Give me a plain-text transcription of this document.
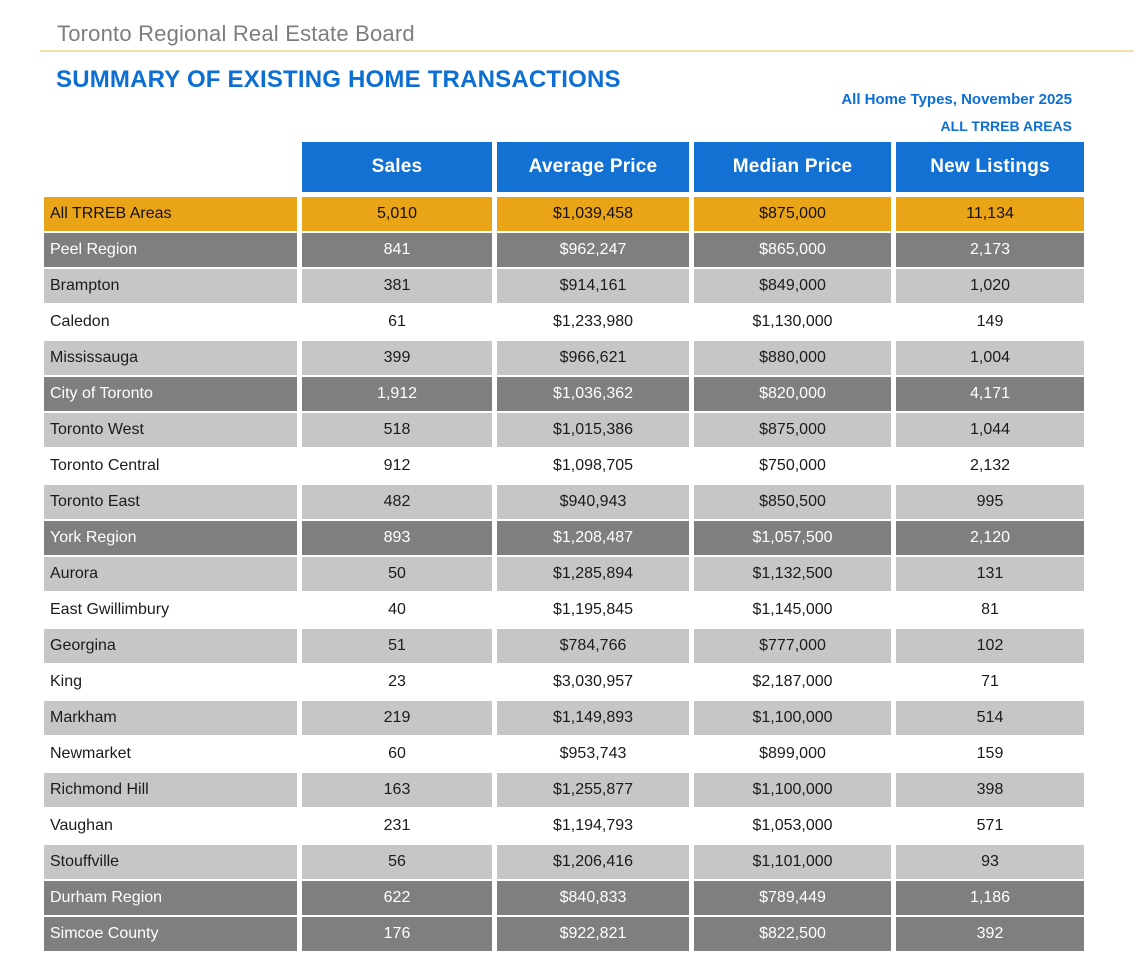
Toronto Regional Real Estate Board
SUMMARY OF EXISTING HOME TRANSACTIONS
All Home Types, November 2025
ALL TRREB AREAS
Sales	Average Price	Median Price	New Listings
All TRREB Areas	5,010	$1,039,458	$875,000	11,134
Peel Region	841	$962,247	$865,000	2,173
Brampton	381	$914,161	$849,000	1,020
Caledon	61	$1,233,980	$1,130,000	149
Mississauga	399	$966,621	$880,000	1,004
City of Toronto	1,912	$1,036,362	$820,000	4,171
Toronto West	518	$1,015,386	$875,000	1,044
Toronto Central	912	$1,098,705	$750,000	2,132
Toronto East	482	$940,943	$850,500	995
York Region	893	$1,208,487	$1,057,500	2,120
Aurora	50	$1,285,894	$1,132,500	131
East Gwillimbury	40	$1,195,845	$1,145,000	81
Georgina	51	$784,766	$777,000	102
King	23	$3,030,957	$2,187,000	71
Markham	219	$1,149,893	$1,100,000	514
Newmarket	60	$953,743	$899,000	159
Richmond Hill	163	$1,255,877	$1,100,000	398
Vaughan	231	$1,194,793	$1,053,000	571
Stouffville	56	$1,206,416	$1,101,000	93
Durham Region	622	$840,833	$789,449	1,186
Simcoe County	176	$922,821	$822,500	392
